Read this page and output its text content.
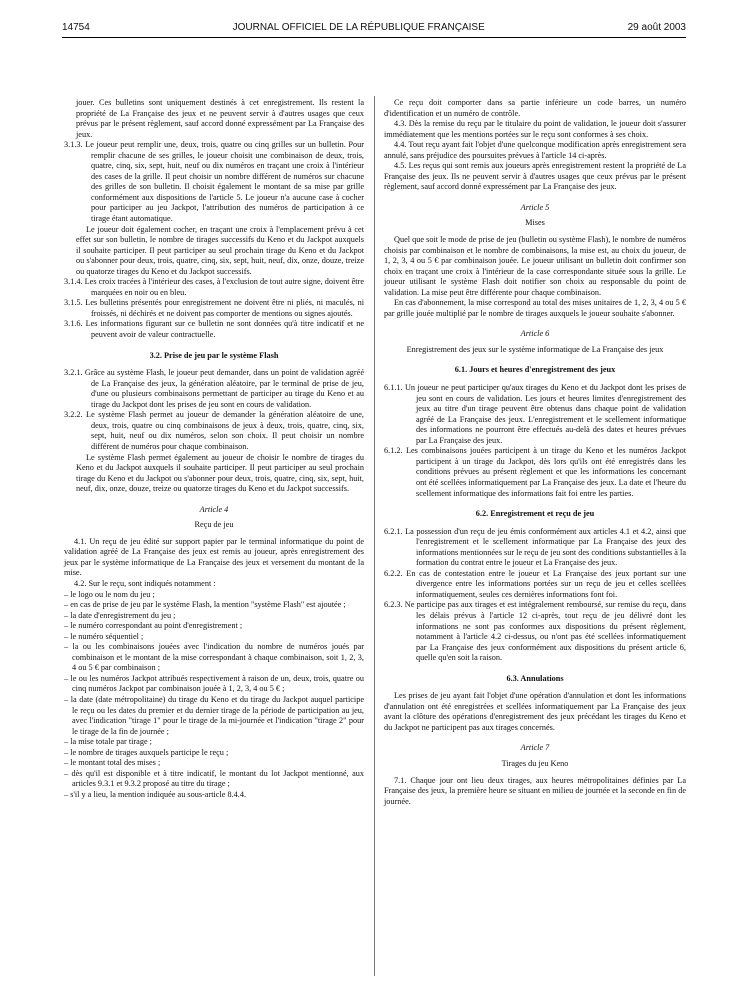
14754	JOURNAL OFFICIEL DE LA RÉPUBLIQUE FRANÇAISE	29 août 2003

jouer. Ces bulletins sont uniquement destinés à cet enregistrement. Ils restent la propriété de La Française des jeux et ne peuvent servir à d'autres usages que ceux prévus par le présent règlement, sauf accord donné expressément par La Française des jeux.

3.1.3. Le joueur peut remplir une, deux, trois, quatre ou cinq grilles sur un bulletin. Pour remplir chacune de ses grilles, le joueur choisit une combinaison de deux, trois, quatre, cinq, six, sept, huit, neuf ou dix numéros en traçant une croix à l'intérieur des cases de la grille. Il peut choisir un nombre différent de numéros sur chacune des grilles de son bulletin. Il choisit également le montant de sa mise par grille conformément aux dispositions de l'article 5. Le joueur n'a aucune case à cocher pour participer au jeu Jackpot, l'attribution des numéros de participation à ce tirage étant automatique.

Le joueur doit également cocher, en traçant une croix à l'emplacement prévu à cet effet sur son bulletin, le nombre de tirages successifs du Keno et du Jackpot auxquels il souhaite participer. Il peut participer au seul prochain tirage du Keno et du Jackpot ou s'abonner pour deux, trois, quatre, cinq, six, sept, huit, neuf, dix, onze, douze, treize ou quatorze tirages du Keno et du Jackpot successifs.

3.1.4. Les croix tracées à l'intérieur des cases, à l'exclusion de tout autre signe, doivent être marquées en noir ou en bleu.

3.1.5. Les bulletins présentés pour enregistrement ne doivent être ni pliés, ni maculés, ni froissés, ni déchirés et ne doivent pas comporter de mentions ou signes ajoutés.

3.1.6. Les informations figurant sur ce bulletin ne sont données qu'à titre indicatif et ne peuvent avoir de valeur contractuelle.

3.2. Prise de jeu par le système Flash

3.2.1. Grâce au système Flash, le joueur peut demander, dans un point de validation agréé de La Française des jeux, la génération aléatoire, par le terminal de prise de jeu, d'une ou plusieurs combinaisons permettant de participer au tirage du Keno et au tirage du Jackpot dont les prises de jeu sont en cours de validation.

3.2.2. Le système Flash permet au joueur de demander la génération aléatoire de une, deux, trois, quatre ou cinq combinaisons de jeux à deux, trois, quatre, cinq, six, sept, huit, neuf ou dix numéros, selon son choix. Il peut choisir un nombre différent de numéros pour chaque combinaison.

Le système Flash permet également au joueur de choisir le nombre de tirages du Keno et du Jackpot auxquels il souhaite participer. Il peut participer au seul prochain tirage du Keno et du Jackpot ou s'abonner pour deux, trois, quatre, cinq, six, sept, huit, neuf, dix, onze, douze, treize ou quatorze tirages du Keno et du Jackpot successifs.

Article 4

Reçu de jeu

4.1. Un reçu de jeu édité sur support papier par le terminal informatique du point de validation agréé de La Française des jeux est remis au joueur, après enregistrement des jeux par le système informatique de La Française des jeux et versement du montant de la mise.

4.2. Sur le reçu, sont indiqués notamment :

– le logo ou le nom du jeu ;

– en cas de prise de jeu par le système Flash, la mention "système Flash" est ajoutée ;

– la date d'enregistrement du jeu ;

– le numéro correspondant au point d'enregistrement ;

– le numéro séquentiel ;

– la ou les combinaisons jouées avec l'indication du nombre de numéros joués par combinaison et le montant de la mise correspondant à chaque combinaison, soit 1, 2, 3, 4 ou 5 € par combinaison ;

– le ou les numéros Jackpot attribués respectivement à raison de un, deux, trois, quatre ou cinq numéros Jackpot par combinaison jouée à 1, 2, 3, 4 ou 5 € ;

– la date (date métropolitaine) du tirage du Keno et du tirage du Jackpot auquel participe le reçu ou les dates du premier et du dernier tirage de la période de participation au jeu, avec l'indication "tirage 1" pour le tirage de la mi-journée et l'indication "tirage 2" pour le tirage de la fin de journée ;

– la mise totale par tirage ;

– le nombre de tirages auxquels participe le reçu ;

– le montant total des mises ;

– dès qu'il est disponible et à titre indicatif, le montant du lot Jackpot mentionné, aux articles 9.3.1 et 9.3.2 proposé au titre du tirage ;

– s'il y a lieu, la mention indiquée au sous-article 8.4.4.

Ce reçu doit comporter dans sa partie inférieure un code barres, un numéro d'identification et un numéro de contrôle.

4.3. Dès la remise du reçu par le titulaire du point de validation, le joueur doit s'assurer immédiatement que les mentions portées sur le reçu sont conformes à ses choix.

4.4. Tout reçu ayant fait l'objet d'une quelconque modification après enregistrement sera annulé, sans préjudice des poursuites prévues à l'article 14 ci-après.

4.5. Les reçus qui sont remis aux joueurs après enregistrement restent la propriété de La Française des jeux. Ils ne peuvent servir à d'autres usages que ceux prévus par le présent règlement, sauf accord donné expressément par La Française des jeux.

Article 5

Mises

Quel que soit le mode de prise de jeu (bulletin ou système Flash), le nombre de numéros choisis par combinaison et le nombre de combinaisons, la mise est, au choix du joueur, de 1, 2, 3, 4 ou 5 € par combinaison jouée. Le joueur utilisant un bulletin doit confirmer son choix en traçant une croix à l'intérieur de la case correspondante située sous la grille. Le joueur utilisant le système Flash doit notifier son choix au responsable du point de validation. La mise peut être différente pour chaque combinaison.

En cas d'abonnement, la mise correspond au total des mises unitaires de 1, 2, 3, 4 ou 5 € par grille jouée multiplié par le nombre de tirages auxquels le joueur souhaite s'abonner.

Article 6

Enregistrement des jeux sur le système informatique de La Française des jeux

6.1. Jours et heures d'enregistrement des jeux

6.1.1. Un joueur ne peut participer qu'aux tirages du Keno et du Jackpot dont les prises de jeu sont en cours de validation. Les jours et heures limites d'enregistrement des jeux au titre d'un tirage peuvent être obtenus dans chaque point de validation agréé de La Française des jeux. L'enregistrement et le scellement informatique des informations ne pourront être effectués au-delà des dates et heures prévues par La Française des jeux.

6.1.2. Les combinaisons jouées participent à un tirage du Keno et les numéros Jackpot participent à un tirage du Jackpot, dès lors qu'ils ont été enregistrés dans les conditions prévues au présent règlement et que les informations les concernant ont été scellées informatiquement par La Française des jeux. La date et l'heure du scellement informatique des informations fait foi entre les parties.

6.2. Enregistrement et reçu de jeu

6.2.1. La possession d'un reçu de jeu émis conformément aux articles 4.1 et 4.2, ainsi que l'enregistrement et le scellement informatique par La Française des jeux des informations mentionnées sur le reçu de jeu sont des conditions substantielles à la formation du contrat entre le joueur et La Française des jeux.

6.2.2. En cas de contestation entre le joueur et La Française des jeux portant sur une divergence entre les informations portées sur un reçu de jeu et celles scellées informatiquement, seules ces dernières informations font foi.

6.2.3. Ne participe pas aux tirages et est intégralement remboursé, sur remise du reçu, dans les délais prévus à l'article 12 ci-après, tout reçu de jeu délivré dont les informations ne sont pas conformes aux dispositions du présent règlement, notamment à l'article 4.2 ci-dessus, ou n'ont pas été scellées informatiquement par La Française des jeux conformément aux dispositions du présent article 6, quelle qu'en soit la raison.

6.3. Annulations

Les prises de jeu ayant fait l'objet d'une opération d'annulation et dont les informations d'annulation ont été enregistrées et scellées informatiquement par La Française des jeux avant la clôture des opérations d'enregistrement des jeux précédant les tirages du Keno et du Jackpot ne participent pas aux tirages concernés.

Article 7

Tirages du jeu Keno

7.1. Chaque jour ont lieu deux tirages, aux heures métropolitaines définies par La Française des jeux, la première heure se situant en milieu de journée et la seconde en fin de journée.
